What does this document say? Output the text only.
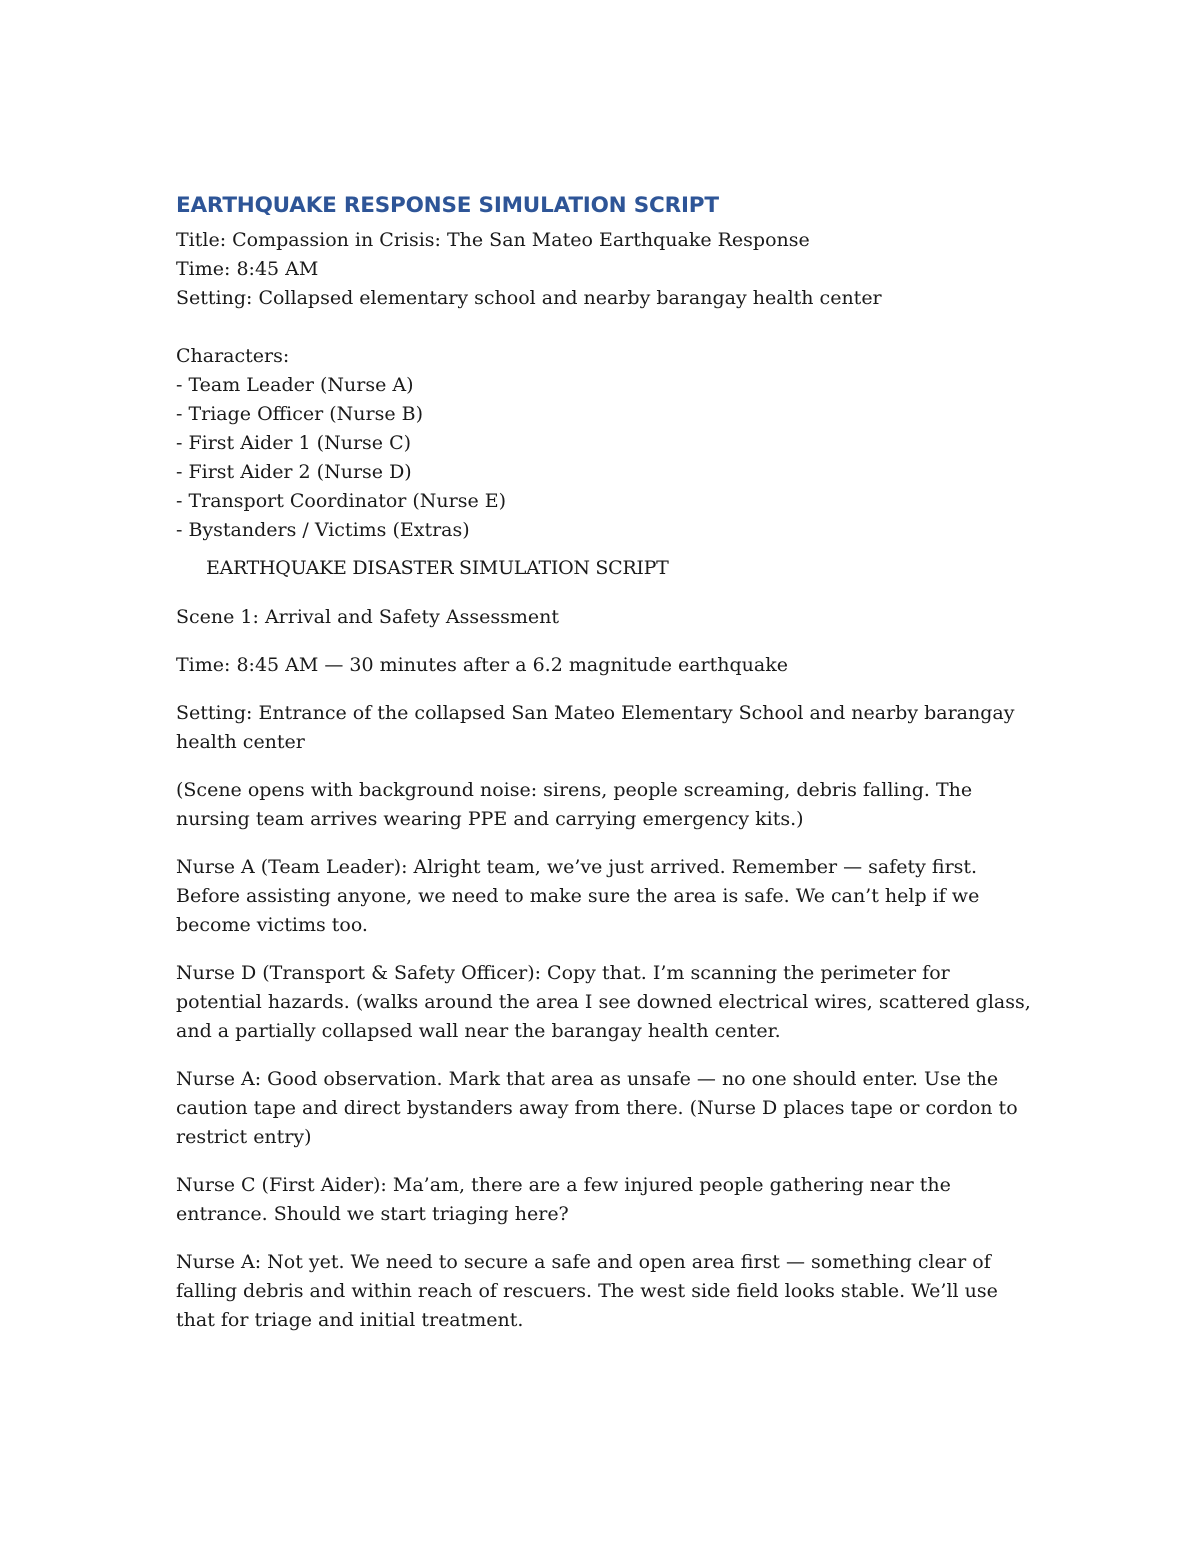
EARTHQUAKE RESPONSE SIMULATION SCRIPT
Title: Compassion in Crisis: The San Mateo Earthquake Response
Time: 8:45 AM
Setting: Collapsed elementary school and nearby barangay health center
Characters:
- Team Leader (Nurse A)
- Triage Officer (Nurse B)
- First Aider 1 (Nurse C)
- First Aider 2 (Nurse D)
- Transport Coordinator (Nurse E)
- Bystanders / Victims (Extras)
EARTHQUAKE DISASTER SIMULATION SCRIPT

Scene 1: Arrival and Safety Assessment

Time: 8:45 AM — 30 minutes after a 6.2 magnitude earthquake

Setting: Entrance of the collapsed San Mateo Elementary School and nearby barangay health center

(Scene opens with background noise: sirens, people screaming, debris falling. The nursing team arrives wearing PPE and carrying emergency kits.)

Nurse A (Team Leader): Alright team, we’ve just arrived. Remember — safety first. Before assisting anyone, we need to make sure the area is safe. We can’t help if we become victims too.

Nurse D (Transport & Safety Officer): Copy that. I’m scanning the perimeter for potential hazards. (walks around the area I see downed electrical wires, scattered glass, and a partially collapsed wall near the barangay health center.

Nurse A: Good observation. Mark that area as unsafe — no one should enter. Use the caution tape and direct bystanders away from there. (Nurse D places tape or cordon to restrict entry)

Nurse C (First Aider): Ma’am, there are a few injured people gathering near the entrance. Should we start triaging here?

Nurse A: Not yet. We need to secure a safe and open area first — something clear of falling debris and within reach of rescuers. The west side field looks stable. We’ll use that for triage and initial treatment.
